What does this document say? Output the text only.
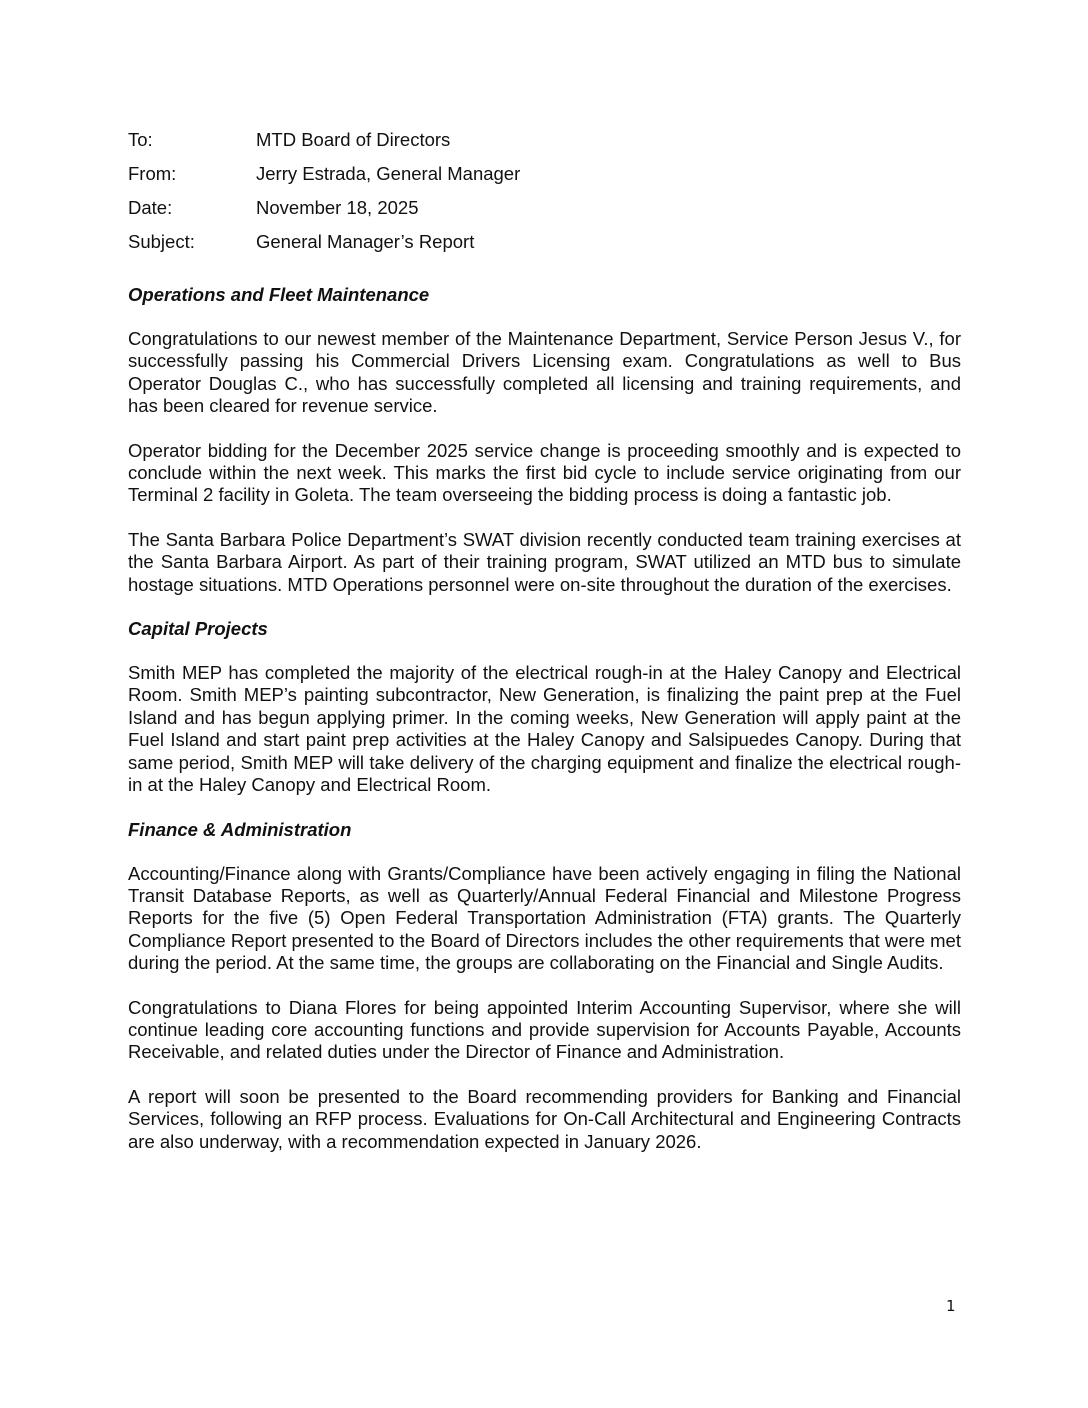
To:	MTD Board of Directors
From:	Jerry Estrada, General Manager
Date:	November 18, 2025
Subject:	General Manager’s Report
Operations and Fleet Maintenance

Congratulations to our newest member of the Maintenance Department, Service Person Jesus V., for successfully passing his Commercial Drivers Licensing exam. Congratulations as well to Bus Operator Douglas C., who has successfully completed all licensing and training requirements, and has been cleared for revenue service.

Operator bidding for the December 2025 service change is proceeding smoothly and is expected to conclude within the next week. This marks the first bid cycle to include service originating from our Terminal 2 facility in Goleta. The team overseeing the bidding process is doing a fantastic job.

The Santa Barbara Police Department’s SWAT division recently conducted team training exercises at the Santa Barbara Airport. As part of their training program, SWAT utilized an MTD bus to simulate hostage situations. MTD Operations personnel were on-site throughout the duration of the exercises.

Capital Projects

Smith MEP has completed the majority of the electrical rough-in at the Haley Canopy and Electrical Room. Smith MEP’s painting subcontractor, New Generation, is finalizing the paint prep at the Fuel Island and has begun applying primer. In the coming weeks, New Generation will apply paint at the Fuel Island and start paint prep activities at the Haley Canopy and Salsipuedes Canopy. During that same period, Smith MEP will take delivery of the charging equipment and finalize the electrical rough-in at the Haley Canopy and Electrical Room.

Finance & Administration

Accounting/Finance along with Grants/Compliance have been actively engaging in filing the National Transit Database Reports, as well as Quarterly/Annual Federal Financial and Milestone Progress Reports for the five (5) Open Federal Transportation Administration (FTA) grants. The Quarterly Compliance Report presented to the Board of Directors includes the other requirements that were met during the period. At the same time, the groups are collaborating on the Financial and Single Audits.

Congratulations to Diana Flores for being appointed Interim Accounting Supervisor, where she will continue leading core accounting functions and provide supervision for Accounts Payable, Accounts Receivable, and related duties under the Director of Finance and Administration.

A report will soon be presented to the Board recommending providers for Banking and Financial Services, following an RFP process. Evaluations for On-Call Architectural and Engineering Contracts are also underway, with a recommendation expected in January 2026.

1
